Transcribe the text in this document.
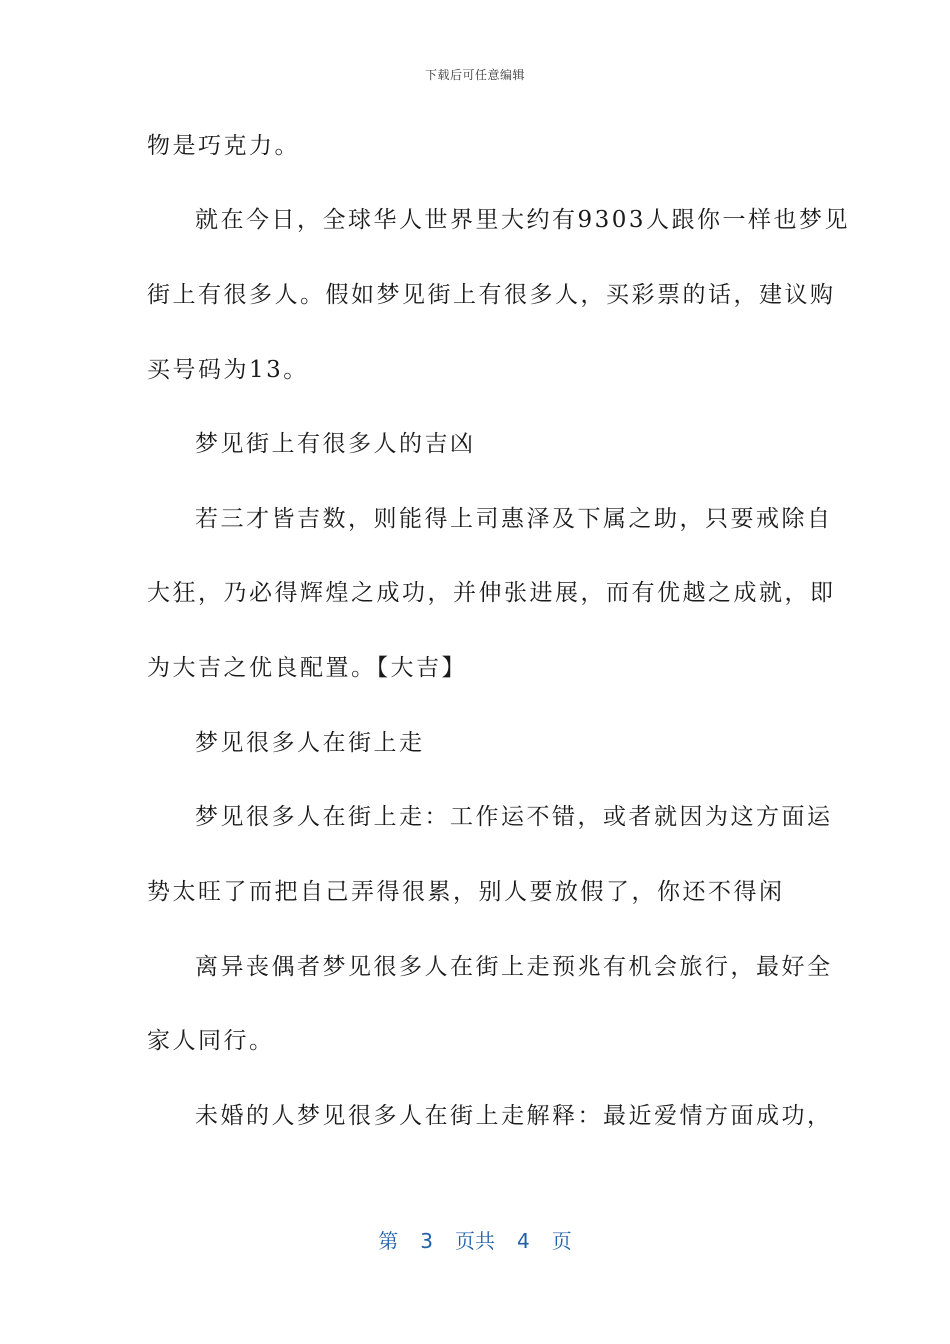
下载后可任意编辑
物是巧克力。
就在今日，全球华人世界里大约有9303人跟你一样也梦见
街上有很多人。假如梦见街上有很多人，买彩票的话，建议购
买号码为13。
梦见街上有很多人的吉凶
若三才皆吉数，则能得上司惠泽及下属之助，只要戒除自
大狂，乃必得辉煌之成功，并伸张进展，而有优越之成就，即
为大吉之优良配置。【大吉】
梦见很多人在街上走
梦见很多人在街上走：工作运不错，或者就因为这方面运
势太旺了而把自己弄得很累，别人要放假了，你还不得闲
离异丧偶者梦见很多人在街上走预兆有机会旅行，最好全
家人同行。
未婚的人梦见很多人在街上走解释：最近爱情方面成功，
第 3 页共 4 页
